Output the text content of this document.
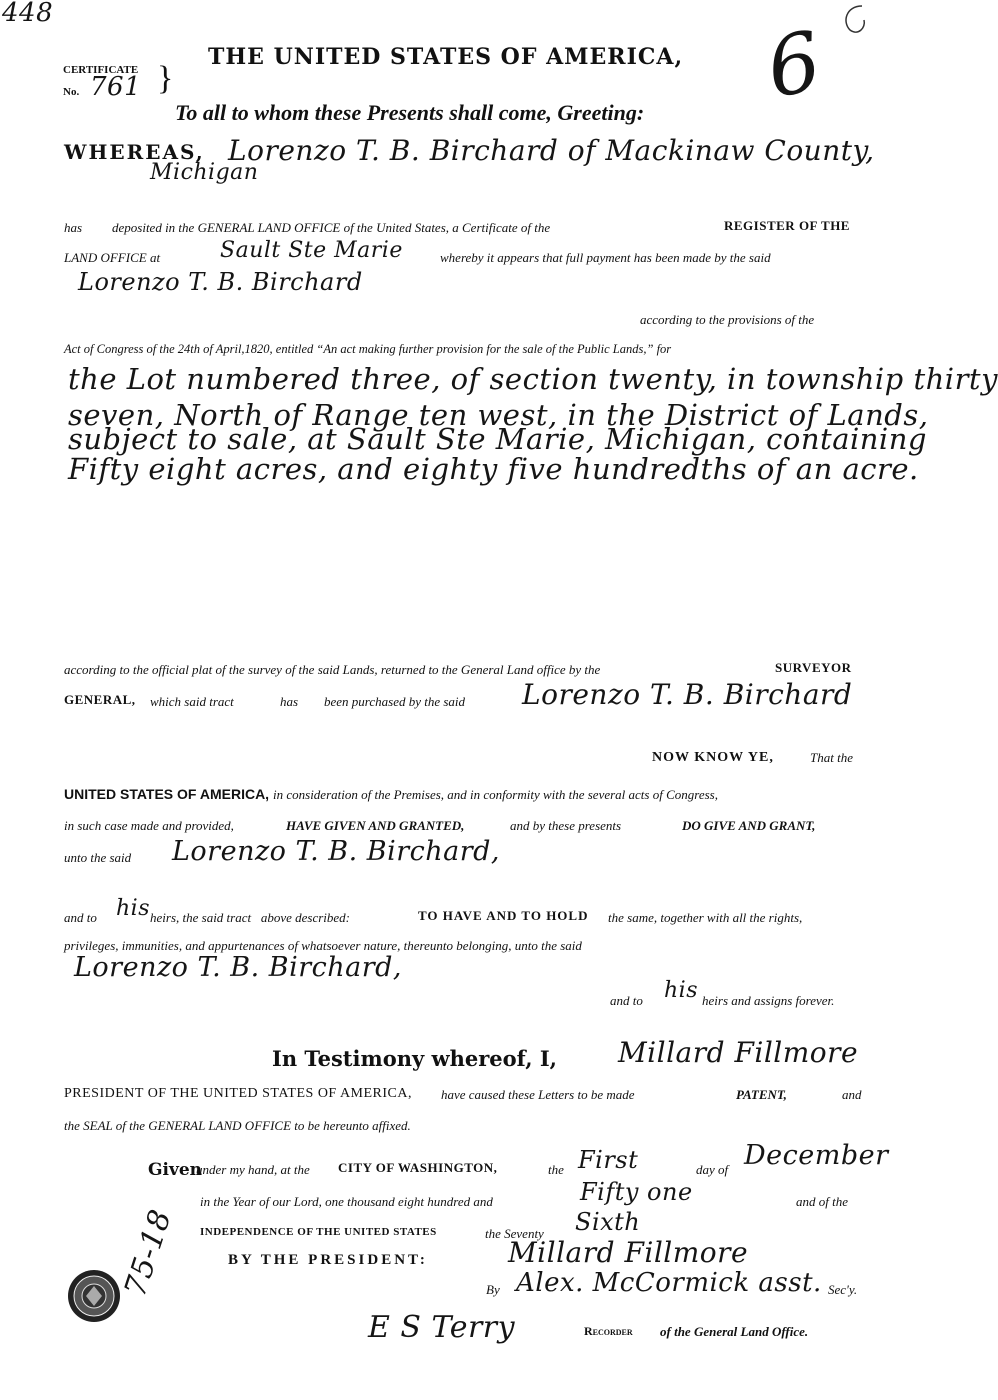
448
6
THE UNITED STATES OF AMERICA,
CERTIFICATE
No. 761 }
To all to whom these Presents shall come, Greeting:
WHEREAS, Lorenzo T. B. Birchard of Mackinaw County,
Michigan
has deposited in the GENERAL LAND OFFICE of the United States, a Certificate of the	REGISTER OF THE
LAND OFFICE at	Sault Ste Marie	whereby it appears that full payment has been made by the said
Lorenzo T. B. Birchard
according to the provisions of the
Act of Congress of the 24th of April,1820, entitled “An act making further provision for the sale of the Public Lands,” for
the Lot numbered three, of section twenty, in township thirty
seven, North of Range ten west, in the District of Lands,
subject to sale, at Sault Ste Marie, Michigan, containing
Fifty eight acres, and eighty five hundredths of an acre.
according to the official plat of the survey of the said Lands, returned to the General Land office by the	SURVEYOR
GENERAL, which said tract	has been purchased by the said Lorenzo T. B. Birchard
NOW KNOW YE,	That the
UNITED STATES OF AMERICA, in consideration of the Premises, and in conformity with the several acts of Congress,
in such case made and provided,	HAVE GIVEN AND GRANTED,	and by these presents	DO GIVE AND GRANT,
unto the said Lorenzo T. B. Birchard,
and to his heirs, the said tract   above described:	TO HAVE AND TO HOLD the same, together with all the rights,
privileges, immunities, and appurtenances of whatsoever nature, thereunto belonging, unto the said
Lorenzo T. B. Birchard,
and to his heirs and assigns forever.
In Testimony whereof, I, Millard Fillmore
PRESIDENT OF THE UNITED STATES OF AMERICA, have caused these Letters to be made	PATENT,	and
the SEAL of the GENERAL LAND OFFICE to be hereunto affixed.
Given
under my hand, at the CITY OF WASHINGTON,	the First	day of December
in the Year of our Lord, one thousand eight hundred and	Fifty one	and of the
INDEPENDENCE OF THE UNITED STATES	the Seventy Sixth
BY THE PRESIDENT:	Millard Fillmore
By Alex. McCormick asst. Sec'y.
75-18
E S Terry	Recorder of the General Land Office.
